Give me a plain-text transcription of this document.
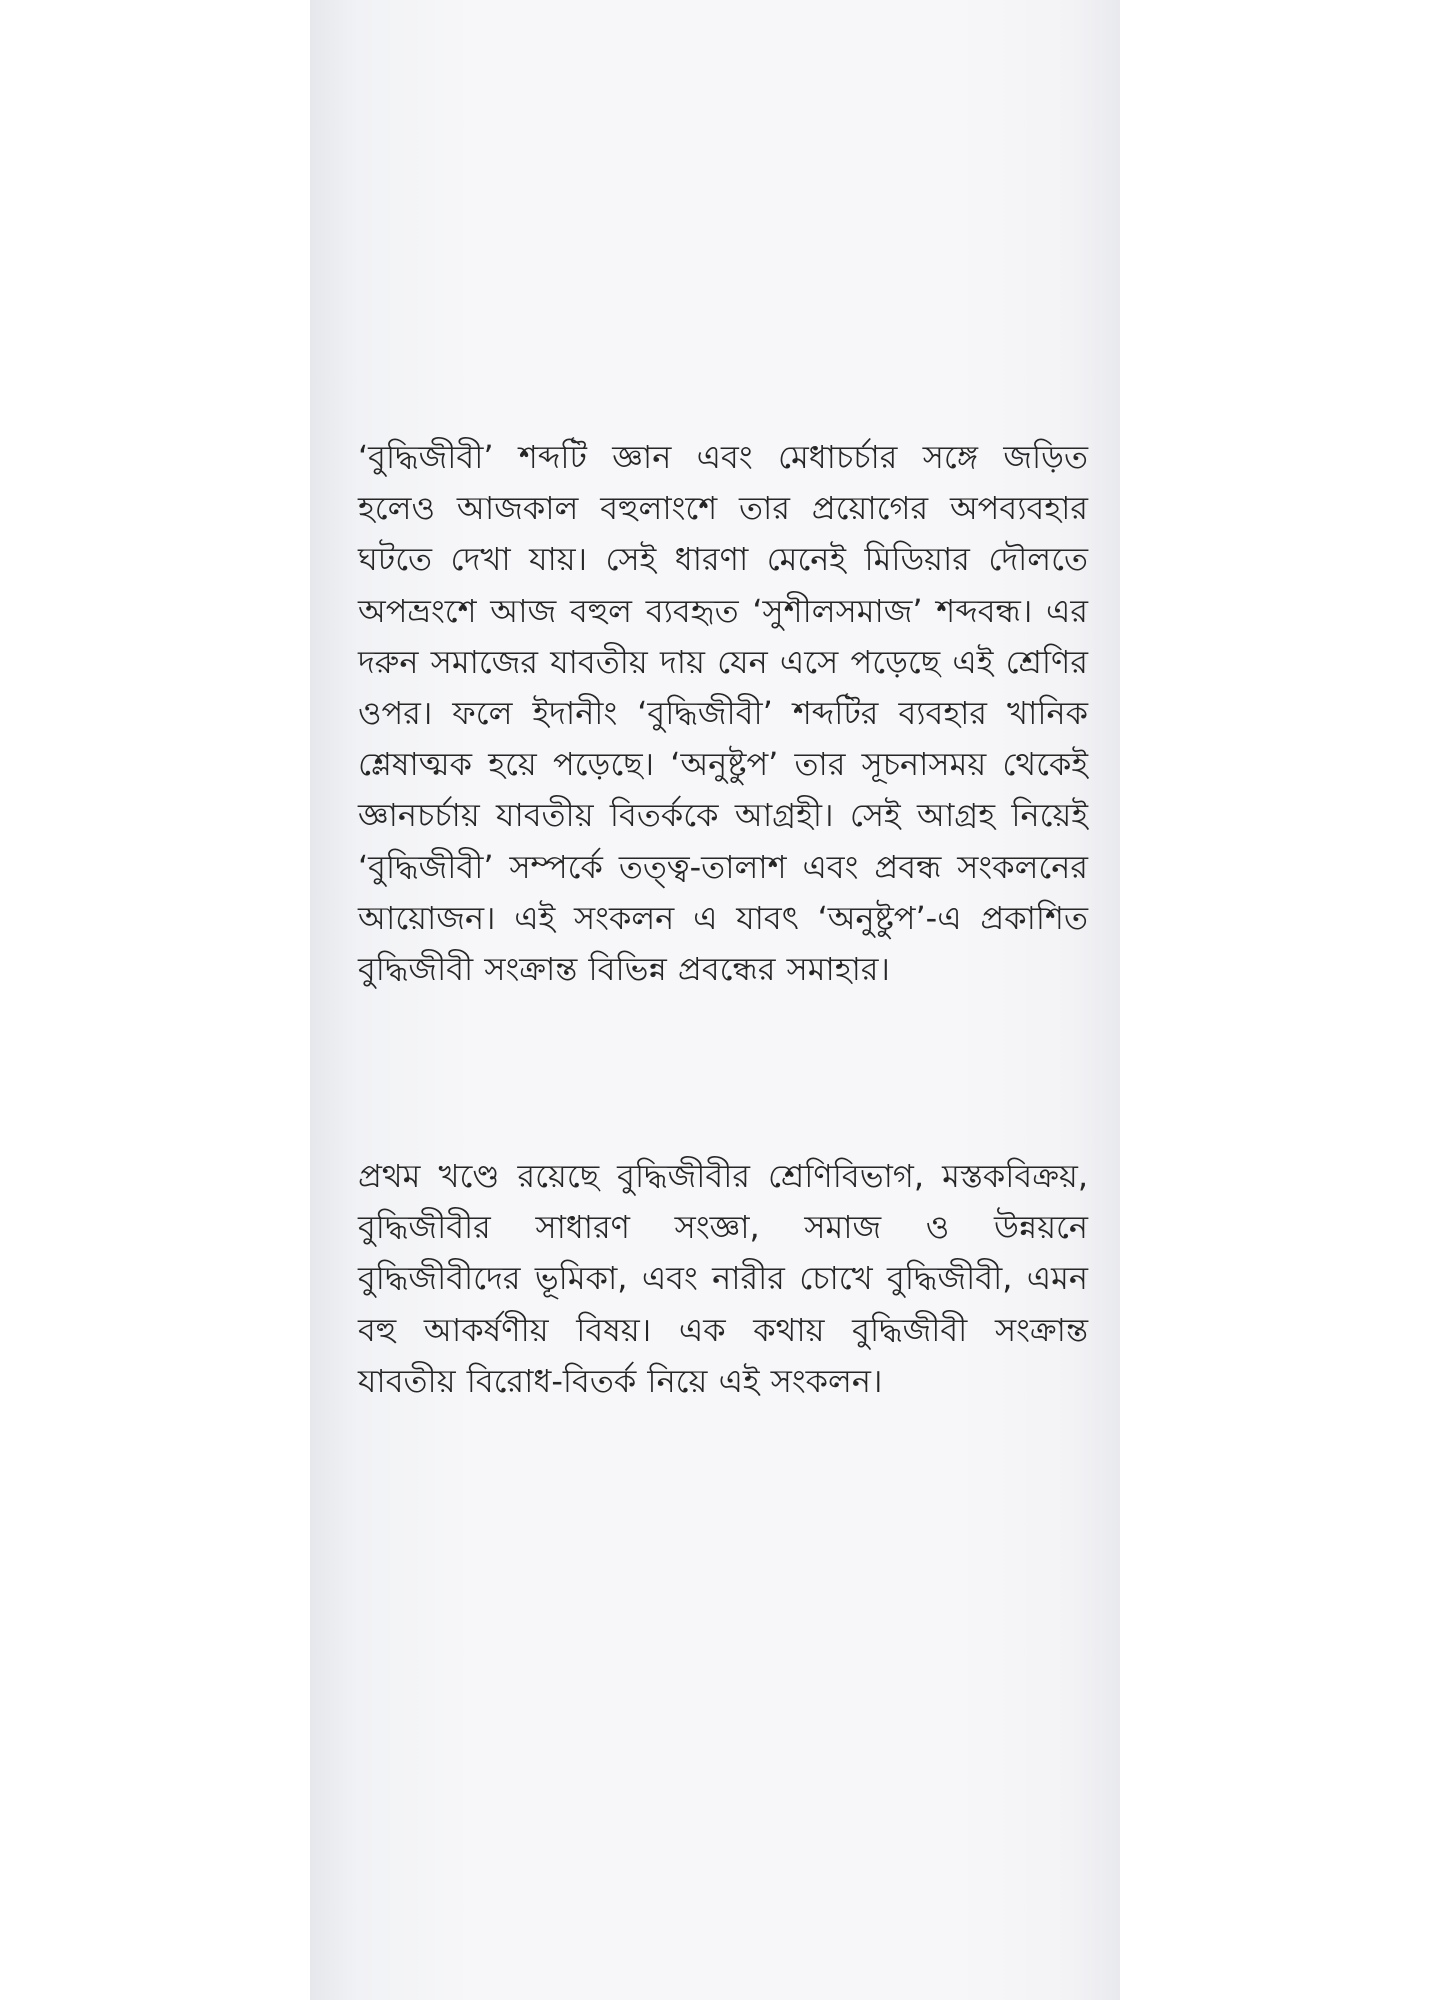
‘বুদ্ধিজীবী’ শব্দটি জ্ঞান এবং মেধাচর্চার সঙ্গে জড়িত হলেও আজকাল বহুলাংশে তার প্রয়োগের অপব্যবহার ঘটতে দেখা যায়। সেই ধারণা মেনেই মিডিয়ার দৌলতে অপভ্রংশে আজ বহুল ব্যবহৃত ‘সুশীলসমাজ’ শব্দবন্ধ। এর দরুন সমাজের যাবতীয় দায় যেন এসে পড়েছে এই শ্রেণির ওপর। ফলে ইদানীং ‘বুদ্ধিজীবী’ শব্দটির ব্যবহার খানিক শ্লেষাত্মক হয়ে পড়েছে। ‘অনুষ্টুপ’ তার সূচনাসময় থেকেই জ্ঞানচর্চায় যাবতীয় বিতর্ককে আগ্রহী। সেই আগ্রহ নিয়েই ‘বুদ্ধিজীবী’ সম্পর্কে তত্ত্ব-তালাশ এবং প্রবন্ধ সংকলনের আয়োজন। এই সংকলন এ যাবৎ ‘অনুষ্টুপ’-এ প্রকাশিত বুদ্ধিজীবী সংক্রান্ত বিভিন্ন প্রবন্ধের সমাহার।

প্রথম খণ্ডে রয়েছে বুদ্ধিজীবীর শ্রেণিবিভাগ, মস্তকবিক্রয়, বুদ্ধিজীবীর সাধারণ সংজ্ঞা, সমাজ ও উন্নয়নে বুদ্ধিজীবীদের ভূমিকা, এবং নারীর চোখে বুদ্ধিজীবী, এমন বহু আকর্ষণীয় বিষয়। এক কথায় বুদ্ধিজীবী সংক্রান্ত যাবতীয় বিরোধ-বিতর্ক নিয়ে এই সংকলন।
